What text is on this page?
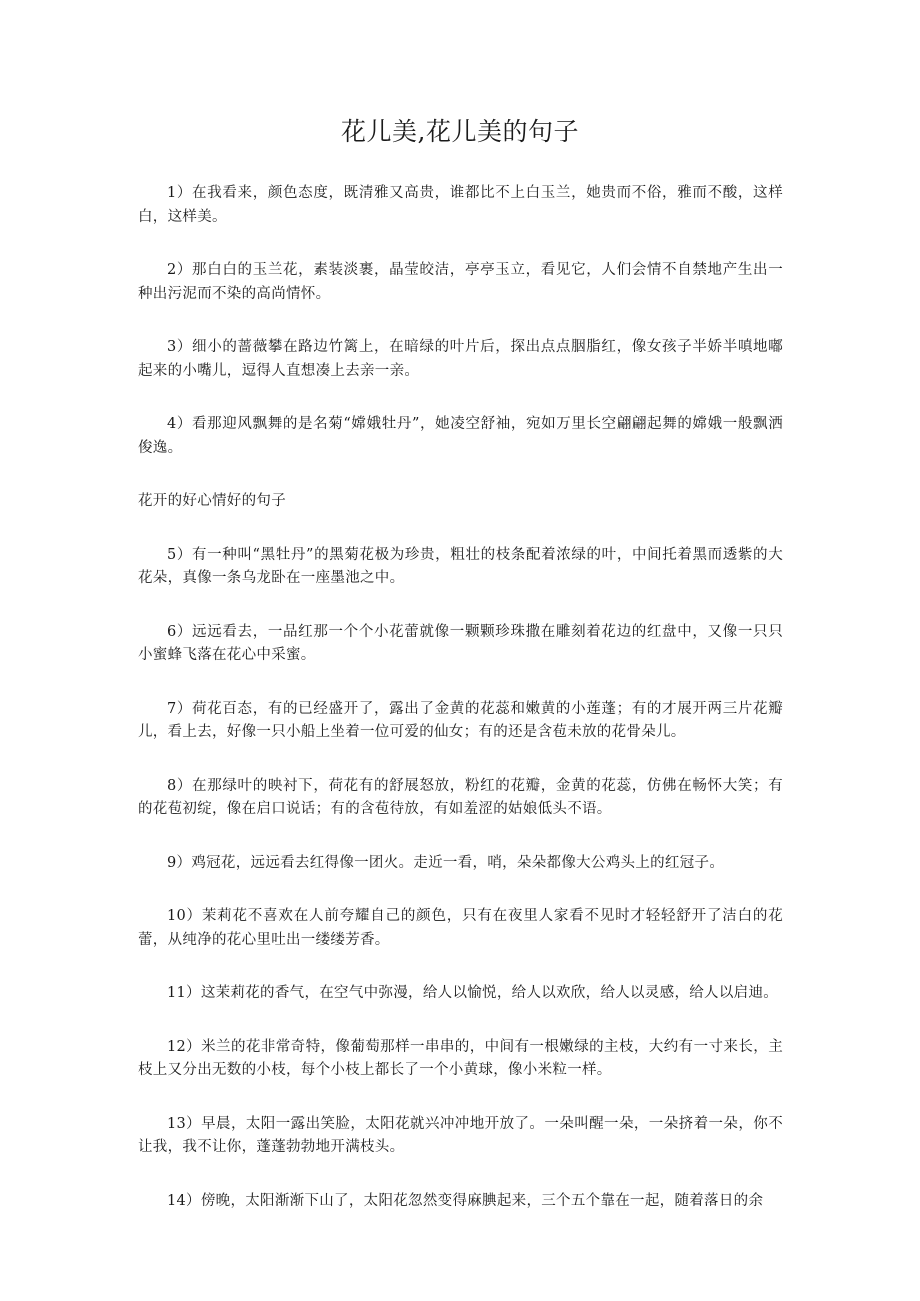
花儿美,花儿美的句子

1）在我看来，颜色态度，既清雅又高贵，谁都比不上白玉兰，她贵而不俗，雅而不酸，这样白，这样美。

2）那白白的玉兰花，素装淡裹，晶莹皎洁，亭亭玉立，看见它，人们会情不自禁地产生出一种出污泥而不染的高尚情怀。

3）细小的蔷薇攀在路边竹篱上，在暗绿的叶片后，探出点点胭脂红，像女孩子半娇半嗔地嘟起来的小嘴儿，逗得人直想凑上去亲一亲。

4）看那迎风飘舞的是名菊“嫦娥牡丹”，她凌空舒袖，宛如万里长空翩翩起舞的嫦娥一般飘洒俊逸。

花开的好心情好的句子

5）有一种叫“黑牡丹”的黑菊花极为珍贵，粗壮的枝条配着浓绿的叶，中间托着黑而透紫的大花朵，真像一条乌龙卧在一座墨池之中。

6）远远看去，一品红那一个个小花蕾就像一颗颗珍珠撒在雕刻着花边的红盘中，又像一只只小蜜蜂飞落在花心中采蜜。

7）荷花百态，有的已经盛开了，露出了金黄的花蕊和嫩黄的小莲蓬；有的才展开两三片花瓣儿，看上去，好像一只小船上坐着一位可爱的仙女；有的还是含苞未放的花骨朵儿。

8）在那绿叶的映衬下，荷花有的舒展怒放，粉红的花瓣，金黄的花蕊，仿佛在畅怀大笑；有的花苞初绽，像在启口说话；有的含苞待放，有如羞涩的姑娘低头不语。

9）鸡冠花，远远看去红得像一团火。走近一看，哨，朵朵都像大公鸡头上的红冠子。

10）茉莉花不喜欢在人前夸耀自己的颜色，只有在夜里人家看不见时才轻轻舒开了洁白的花蕾，从纯净的花心里吐出一缕缕芳香。

11）这茉莉花的香气，在空气中弥漫，给人以愉悦，给人以欢欣，给人以灵感，给人以启迪。

12）米兰的花非常奇特，像葡萄那样一串串的，中间有一根嫩绿的主枝，大约有一寸来长，主枝上又分出无数的小枝，每个小枝上都长了一个小黄球，像小米粒一样。

13）早晨，太阳一露出笑脸，太阳花就兴冲冲地开放了。一朵叫醒一朵，一朵挤着一朵，你不让我，我不让你，蓬蓬勃勃地开满枝头。

14）傍晚，太阳渐渐下山了，太阳花忽然变得麻腆起来，三个五个靠在一起，随着落日的余
